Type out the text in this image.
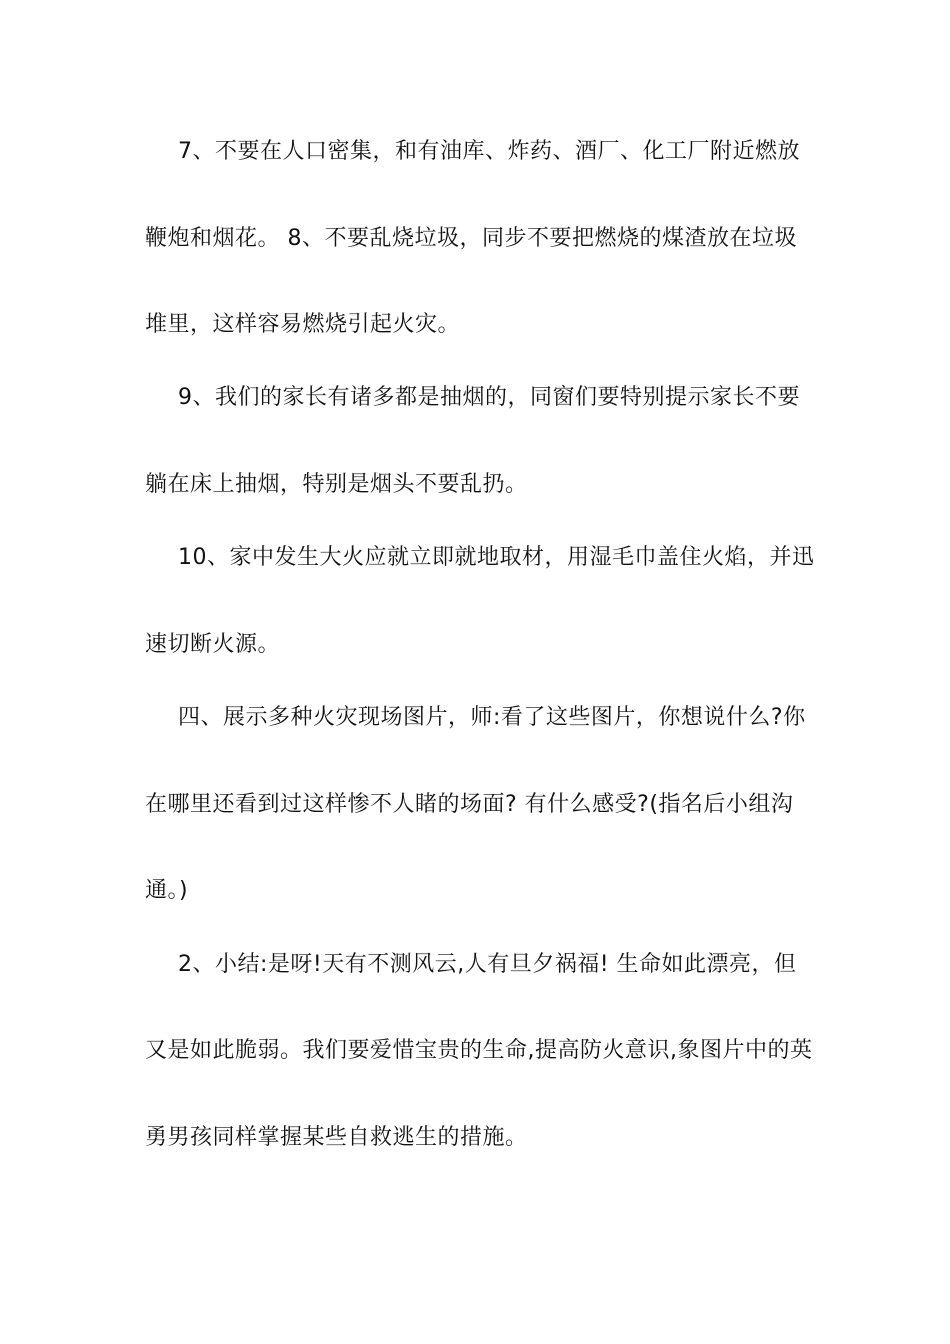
7、不要在人口密集，和有油库、炸药、酒厂、化工厂附近燃放
鞭炮和烟花。 8、不要乱烧垃圾，同步不要把燃烧的煤渣放在垃圾
堆里，这样容易燃烧引起火灾。
9、我们的家长有诸多都是抽烟的，同窗们要特别提示家长不要
躺在床上抽烟，特别是烟头不要乱扔。
10、家中发生大火应就立即就地取材，用湿毛巾盖住火焰，并迅
速切断火源。
四、展示多种火灾现场图片，师:看了这些图片，你想说什么?你
在哪里还看到过这样惨不人睹的场面? 有什么感受?(指名后小组沟
通。)
2、小结:是呀!天有不测风云,人有旦夕祸福! 生命如此漂亮，但
又是如此脆弱。我们要爱惜宝贵的生命,提高防火意识,象图片中的英
勇男孩同样掌握某些自救逃生的措施。
